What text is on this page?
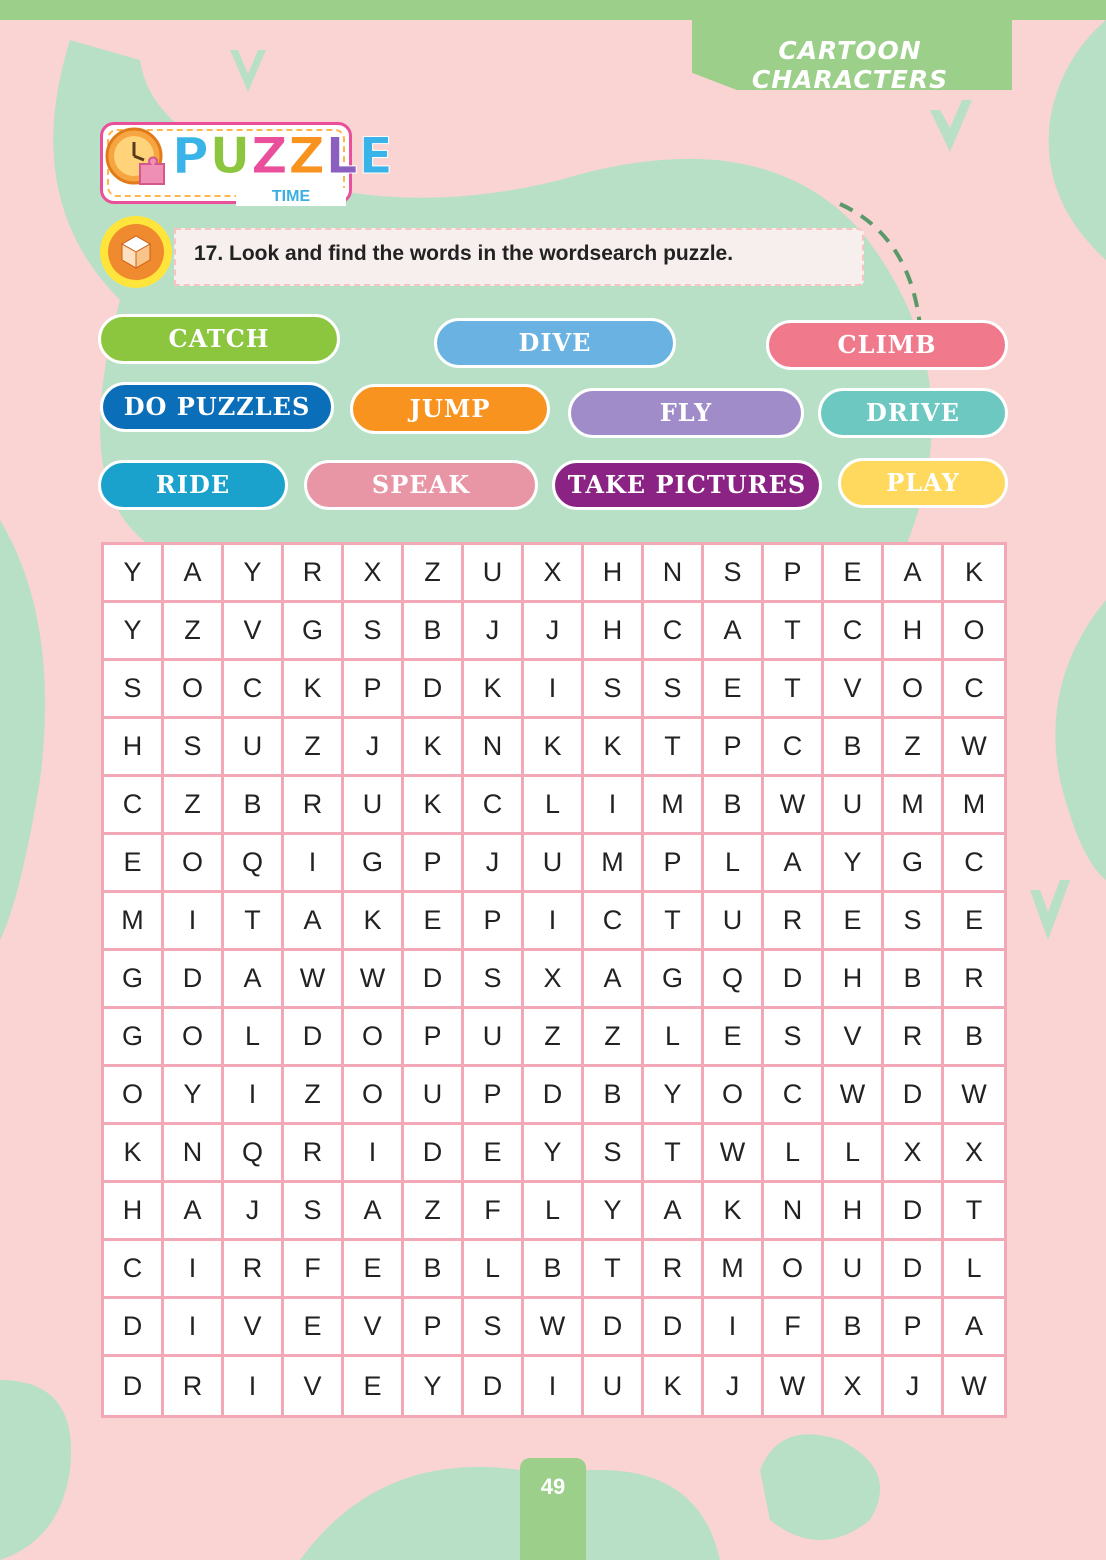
CARTOON CHARACTERS
PUZZLE
TIME
17. Look and find the words in the wordsearch puzzle.
CATCH	DIVE	CLIMB
DO PUZZLES	JUMP	FLY	DRIVE
RIDE	SPEAK	TAKE PICTURES	PLAY
Y	A	Y	R	X	Z	U	X	H	N	S	P	E	A	K
Y	Z	V	G	S	B	J	J	H	C	A	T	C	H	O
S	O	C	K	P	D	K	I	S	S	E	T	V	O	C
H	S	U	Z	J	K	N	K	K	T	P	C	B	Z	W
C	Z	B	R	U	K	C	L	I	M	B	W	U	M	M
E	O	Q	I	G	P	J	U	M	P	L	A	Y	G	C
M	I	T	A	K	E	P	I	C	T	U	R	E	S	E
G	D	A	W	W	D	S	X	A	G	Q	D	H	B	R
G	O	L	D	O	P	U	Z	Z	L	E	S	V	R	B
O	Y	I	Z	O	U	P	D	B	Y	O	C	W	D	W
K	N	Q	R	I	D	E	Y	S	T	W	L	L	X	X
H	A	J	S	A	Z	F	L	Y	A	K	N	H	D	T
C	I	R	F	E	B	L	B	T	R	M	O	U	D	L
D	I	V	E	V	P	S	W	D	D	I	F	B	P	A
D	R	I	V	E	Y	D	I	U	K	J	W	X	J	W
49
